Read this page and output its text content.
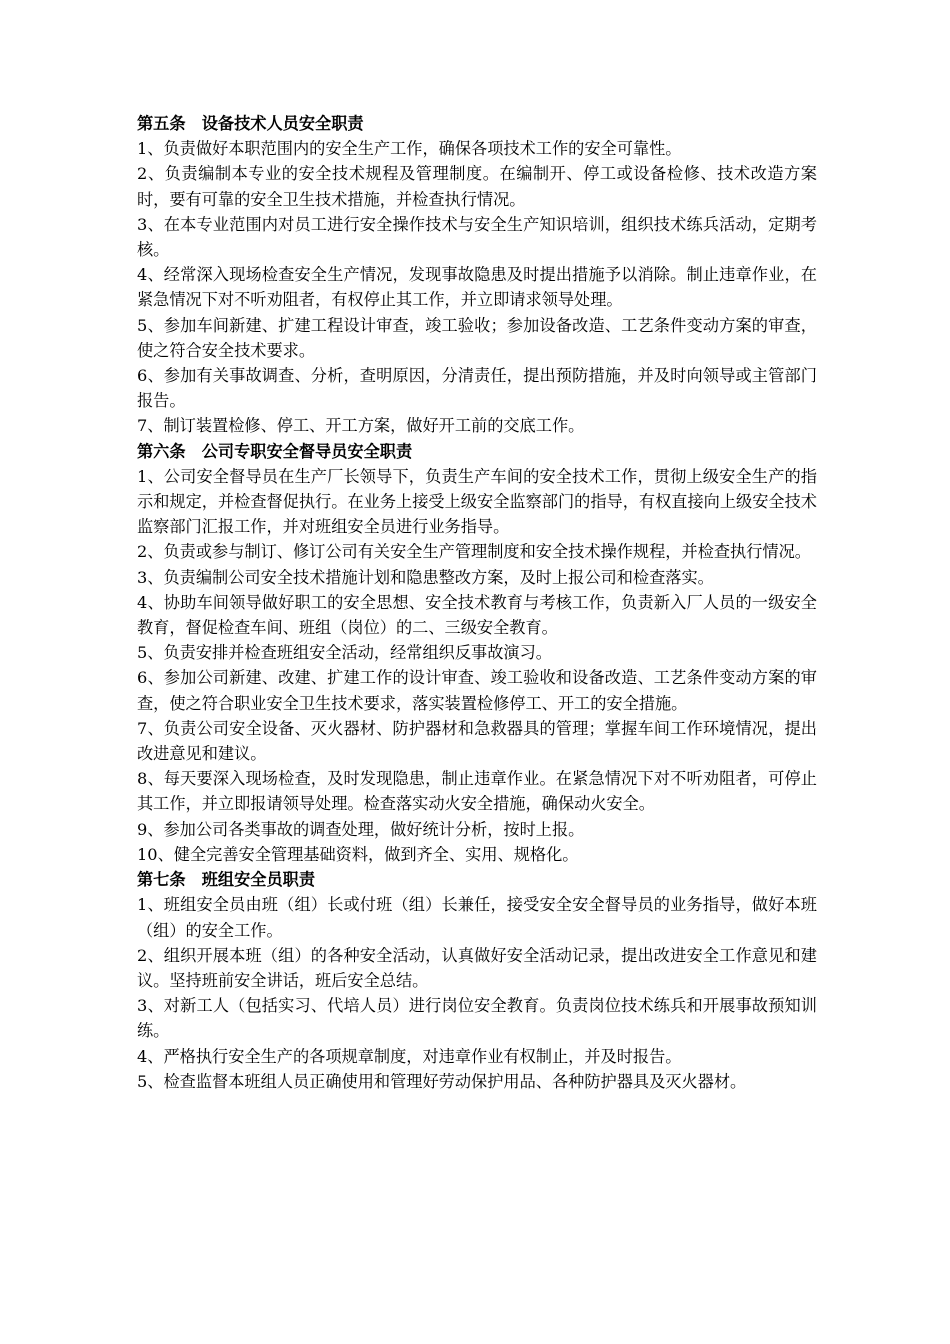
第五条　设备技术人员安全职责

1、负责做好本职范围内的安全生产工作，确保各项技术工作的安全可靠性。

2、负责编制本专业的安全技术规程及管理制度。在编制开、停工或设备检修、技术改造方案时，要有可靠的安全卫生技术措施，并检查执行情况。

3、在本专业范围内对员工进行安全操作技术与安全生产知识培训，组织技术练兵活动，定期考核。

4、经常深入现场检查安全生产情况，发现事故隐患及时提出措施予以消除。制止违章作业，在紧急情况下对不听劝阻者，有权停止其工作，并立即请求领导处理。

5、参加车间新建、扩建工程设计审查，竣工验收；参加设备改造、工艺条件变动方案的审查，使之符合安全技术要求。

6、参加有关事故调查、分析，查明原因，分清责任，提出预防措施，并及时向领导或主管部门报告。

7、制订装置检修、停工、开工方案，做好开工前的交底工作。

第六条　公司专职安全督导员安全职责

1、公司安全督导员在生产厂长领导下，负责生产车间的安全技术工作，贯彻上级安全生产的指示和规定，并检查督促执行。在业务上接受上级安全监察部门的指导，有权直接向上级安全技术监察部门汇报工作，并对班组安全员进行业务指导。

2、负责或参与制订、修订公司有关安全生产管理制度和安全技术操作规程，并检查执行情况。

3、负责编制公司安全技术措施计划和隐患整改方案，及时上报公司和检查落实。

4、协助车间领导做好职工的安全思想、安全技术教育与考核工作，负责新入厂人员的一级安全教育，督促检查车间、班组（岗位）的二、三级安全教育。

5、负责安排并检查班组安全活动，经常组织反事故演习。

6、参加公司新建、改建、扩建工作的设计审查、竣工验收和设备改造、工艺条件变动方案的审查，使之符合职业安全卫生技术要求，落实装置检修停工、开工的安全措施。

7、负责公司安全设备、灭火器材、防护器材和急救器具的管理；掌握车间工作环境情况，提出改进意见和建议。

8、每天要深入现场检查，及时发现隐患，制止违章作业。在紧急情况下对不听劝阻者，可停止其工作，并立即报请领导处理。检查落实动火安全措施，确保动火安全。

9、参加公司各类事故的调查处理，做好统计分析，按时上报。

10、健全完善安全管理基础资料，做到齐全、实用、规格化。

第七条　班组安全员职责

1、班组安全员由班（组）长或付班（组）长兼任，接受安全安全督导员的业务指导，做好本班（组）的安全工作。

2、组织开展本班（组）的各种安全活动，认真做好安全活动记录，提出改进安全工作意见和建议。坚持班前安全讲话，班后安全总结。

3、对新工人（包括实习、代培人员）进行岗位安全教育。负责岗位技术练兵和开展事故预知训练。

4、严格执行安全生产的各项规章制度，对违章作业有权制止，并及时报告。

5、检查监督本班组人员正确使用和管理好劳动保护用品、各种防护器具及灭火器材。
